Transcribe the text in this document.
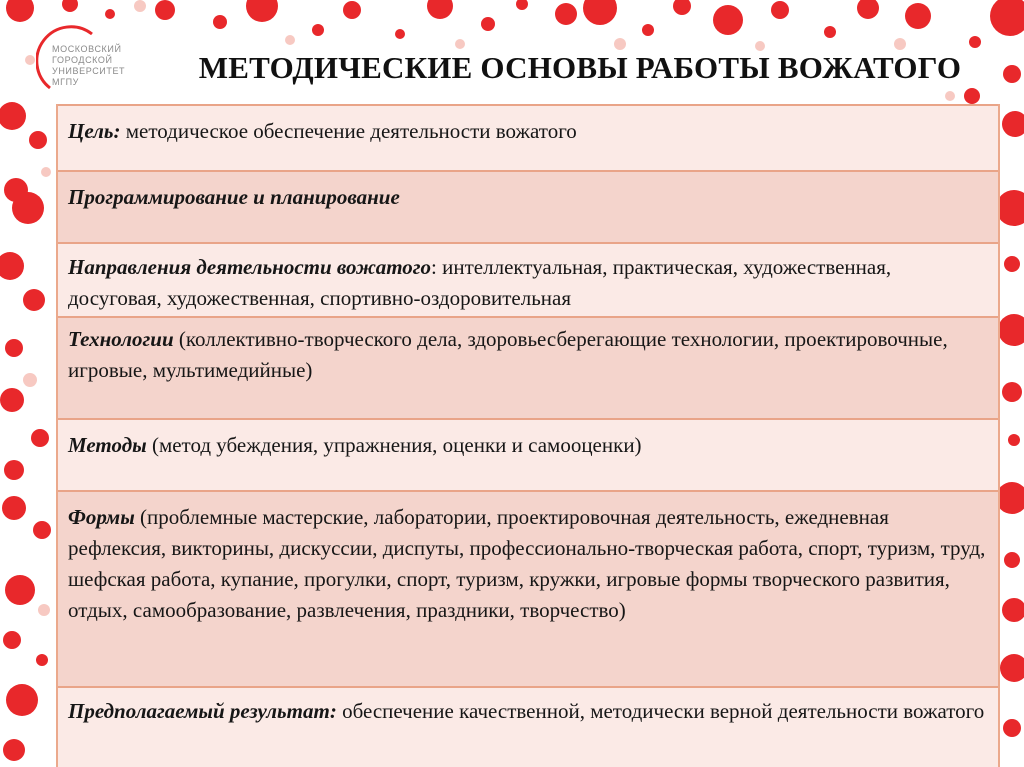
МОСКОВСКИЙ
ГОРОДСКОЙ
УНИВЕРСИТЕТ
МГПУ	МЕТОДИЧЕСКИЕ ОСНОВЫ РАБОТЫ ВОЖАТОГО
Цель: методическое обеспечение деятельности вожатого
Программирование и планирование
Направления деятельности вожатого: интеллектуальная, практическая, художественная, досуговая, художественная, спортивно-оздоровительная
Технологии (коллективно-творческого дела, здоровьесберегающие технологии, проектировочные, игровые, мультимедийные)
Методы (метод убеждения, упражнения, оценки и самооценки)
Формы (проблемные мастерские, лаборатории, проектировочная деятельность, ежедневная рефлексия, викторины, дискуссии, диспуты, профессионально-творческая работа, спорт, туризм, труд, шефская работа, купание, прогулки, спорт, туризм, кружки, игровые формы творческого развития, отдых, самообразование, развлечения, праздники, творчество)
Предполагаемый результат: обеспечение качественной, методически верной деятельности вожатого
